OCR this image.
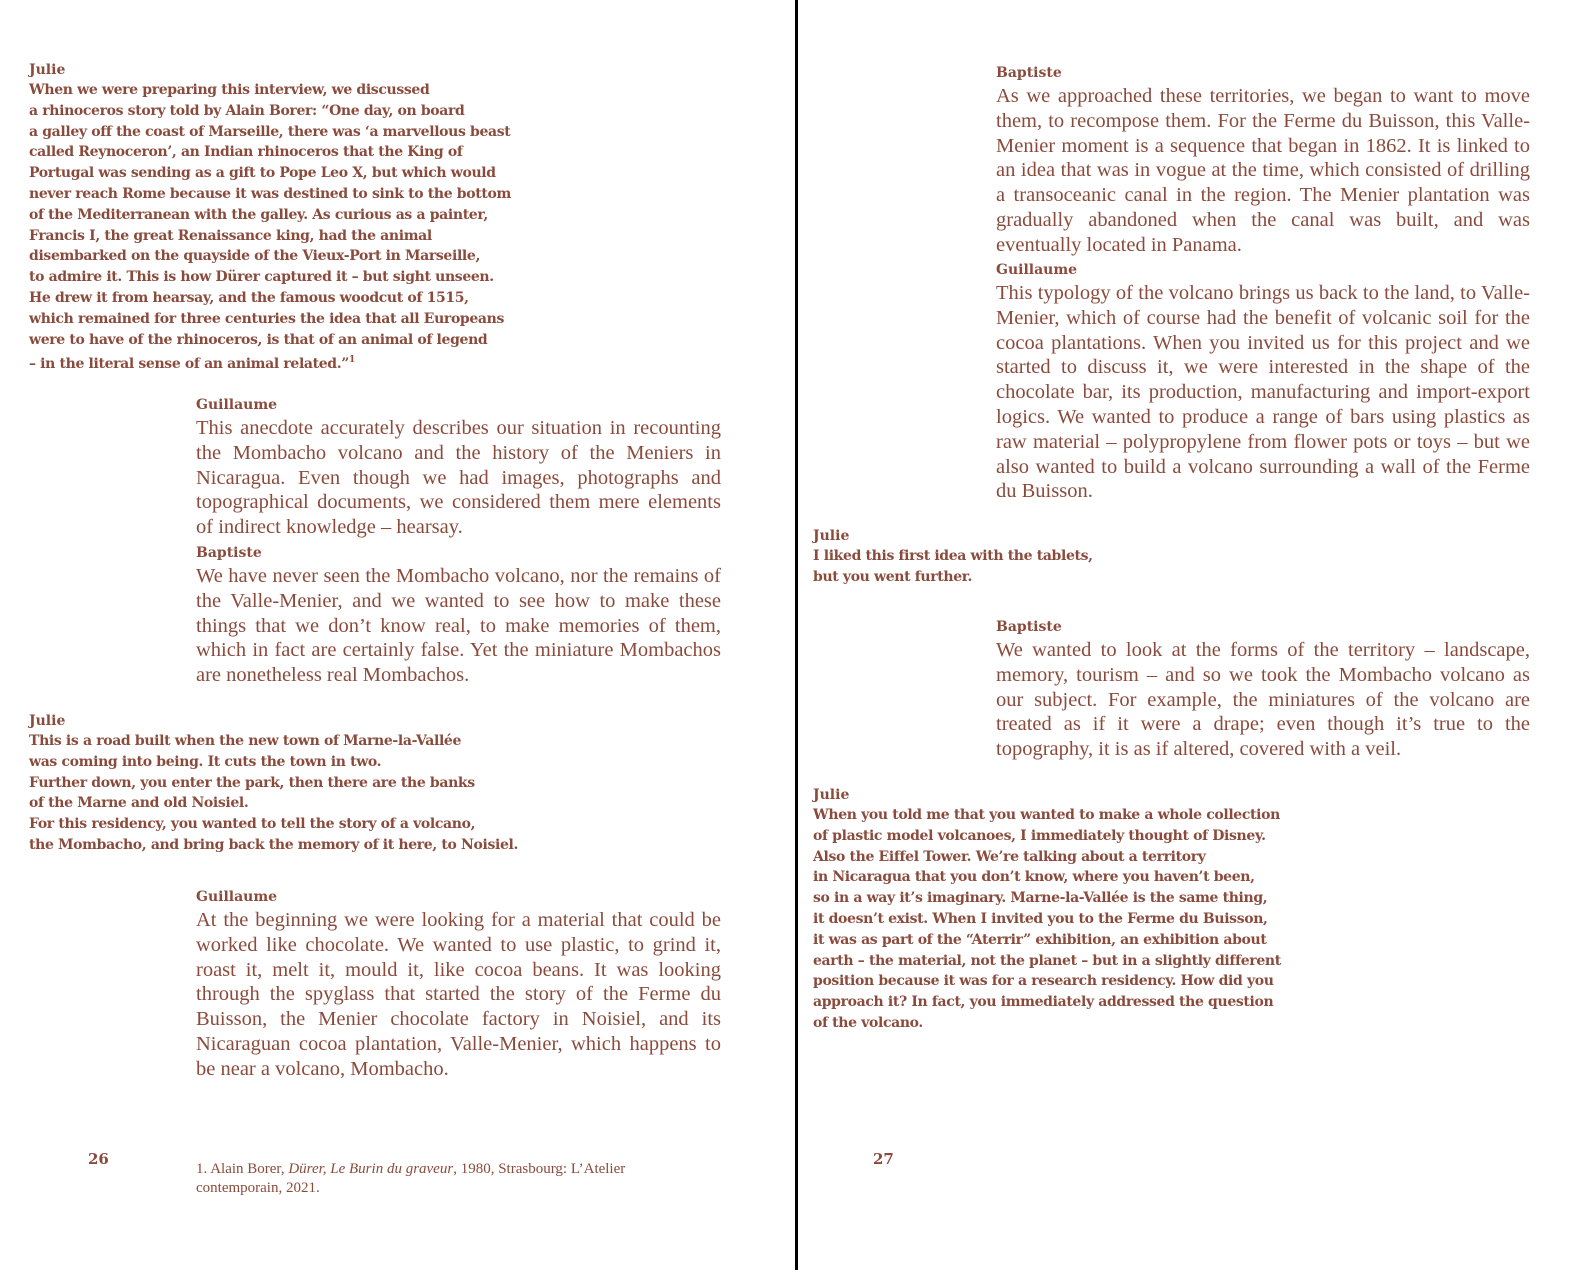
Julie
When we were preparing this interview, we discussed
a rhinoceros story told by Alain Borer: “One day, on board
a galley off the coast of Marseille, there was ‘a marvellous beast
called Reynoceron’, an Indian rhinoceros that the King of
Portugal was sending as a gift to Pope Leo X, but which would
never reach Rome because it was destined to sink to the bottom
of the Mediterranean with the galley. As curious as a painter,
Francis I, the great Renaissance king, had the animal
disembarked on the quayside of the Vieux-Port in Marseille,
to admire it. This is how Dürer captured it – but sight unseen.
He drew it from hearsay, and the famous woodcut of 1515,
which remained for three centuries the idea that all Europeans
were to have of the rhinoceros, is that of an animal of legend
– in the literal sense of an animal related.”$^1$
Guillaume
This anecdote accurately describes our situation in recounting the Mombacho volcano and the history of the Meniers in Nicaragua. Even though we had images, photographs and topographical documents, we considered them mere elements of indirect knowledge – hearsay.
Baptiste
We have never seen the Mombacho volcano, nor the remains of the Valle-Menier, and we wanted to see how to make these things that we don’t know real, to make memories of them, which in fact are certainly false. Yet the miniature Mombachos are nonetheless real Mombachos.
Julie
This is a road built when the new town of Marne-la-Vallée
was coming into being. It cuts the town in two.
Further down, you enter the park, then there are the banks
of the Marne and old Noisiel.
For this residency, you wanted to tell the story of a volcano,
the Mombacho, and bring back the memory of it here, to Noisiel.
Guillaume
At the beginning we were looking for a material that could be worked like chocolate. We wanted to use plastic, to grind it, roast it, melt it, mould it, like cocoa beans. It was looking through the spyglass that started the story of the Ferme du Buisson, the Menier chocolate factory in Noisiel, and its Nicaraguan cocoa plantation, Valle-Menier, which happens to be near a volcano, Mombacho.
26
1. Alain Borer, Dürer, Le Burin du graveur, 1980, Strasbourg: L’Atelier contemporain, 2021.
Baptiste
As we approached these territories, we began to want to move them, to recompose them. For the Ferme du Buisson, this Valle-Menier moment is a sequence that began in 1862. It is linked to an idea that was in vogue at the time, which consisted of drilling a transoceanic canal in the region. The Menier plantation was gradually abandoned when the canal was built, and was eventually located in Panama.
Guillaume
This typology of the volcano brings us back to the land, to Valle-Menier, which of course had the benefit of volcanic soil for the cocoa plantations. When you invited us for this project and we started to discuss it, we were interested in the shape of the chocolate bar, its production, manufacturing and import-export logics. We wanted to produce a range of bars using plastics as raw material – polypropylene from flower pots or toys – but we also wanted to build a volcano surrounding a wall of the Ferme du Buisson.
Julie
I liked this first idea with the tablets,
but you went further.
Baptiste
We wanted to look at the forms of the territory – landscape, memory, tourism – and so we took the Mombacho volcano as our subject. For example, the miniatures of the volcano are treated as if it were a drape; even though it’s true to the topography, it is as if altered, covered with a veil.
Julie
When you told me that you wanted to make a whole collection
of plastic model volcanoes, I immediately thought of Disney.
Also the Eiffel Tower. We’re talking about a territory
in Nicaragua that you don’t know, where you haven’t been,
so in a way it’s imaginary. Marne-la-Vallée is the same thing,
it doesn’t exist. When I invited you to the Ferme du Buisson,
it was as part of the “Aterrir” exhibition, an exhibition about
earth – the material, not the planet – but in a slightly different
position because it was for a research residency. How did you
approach it? In fact, you immediately addressed the question
of the volcano.
27
